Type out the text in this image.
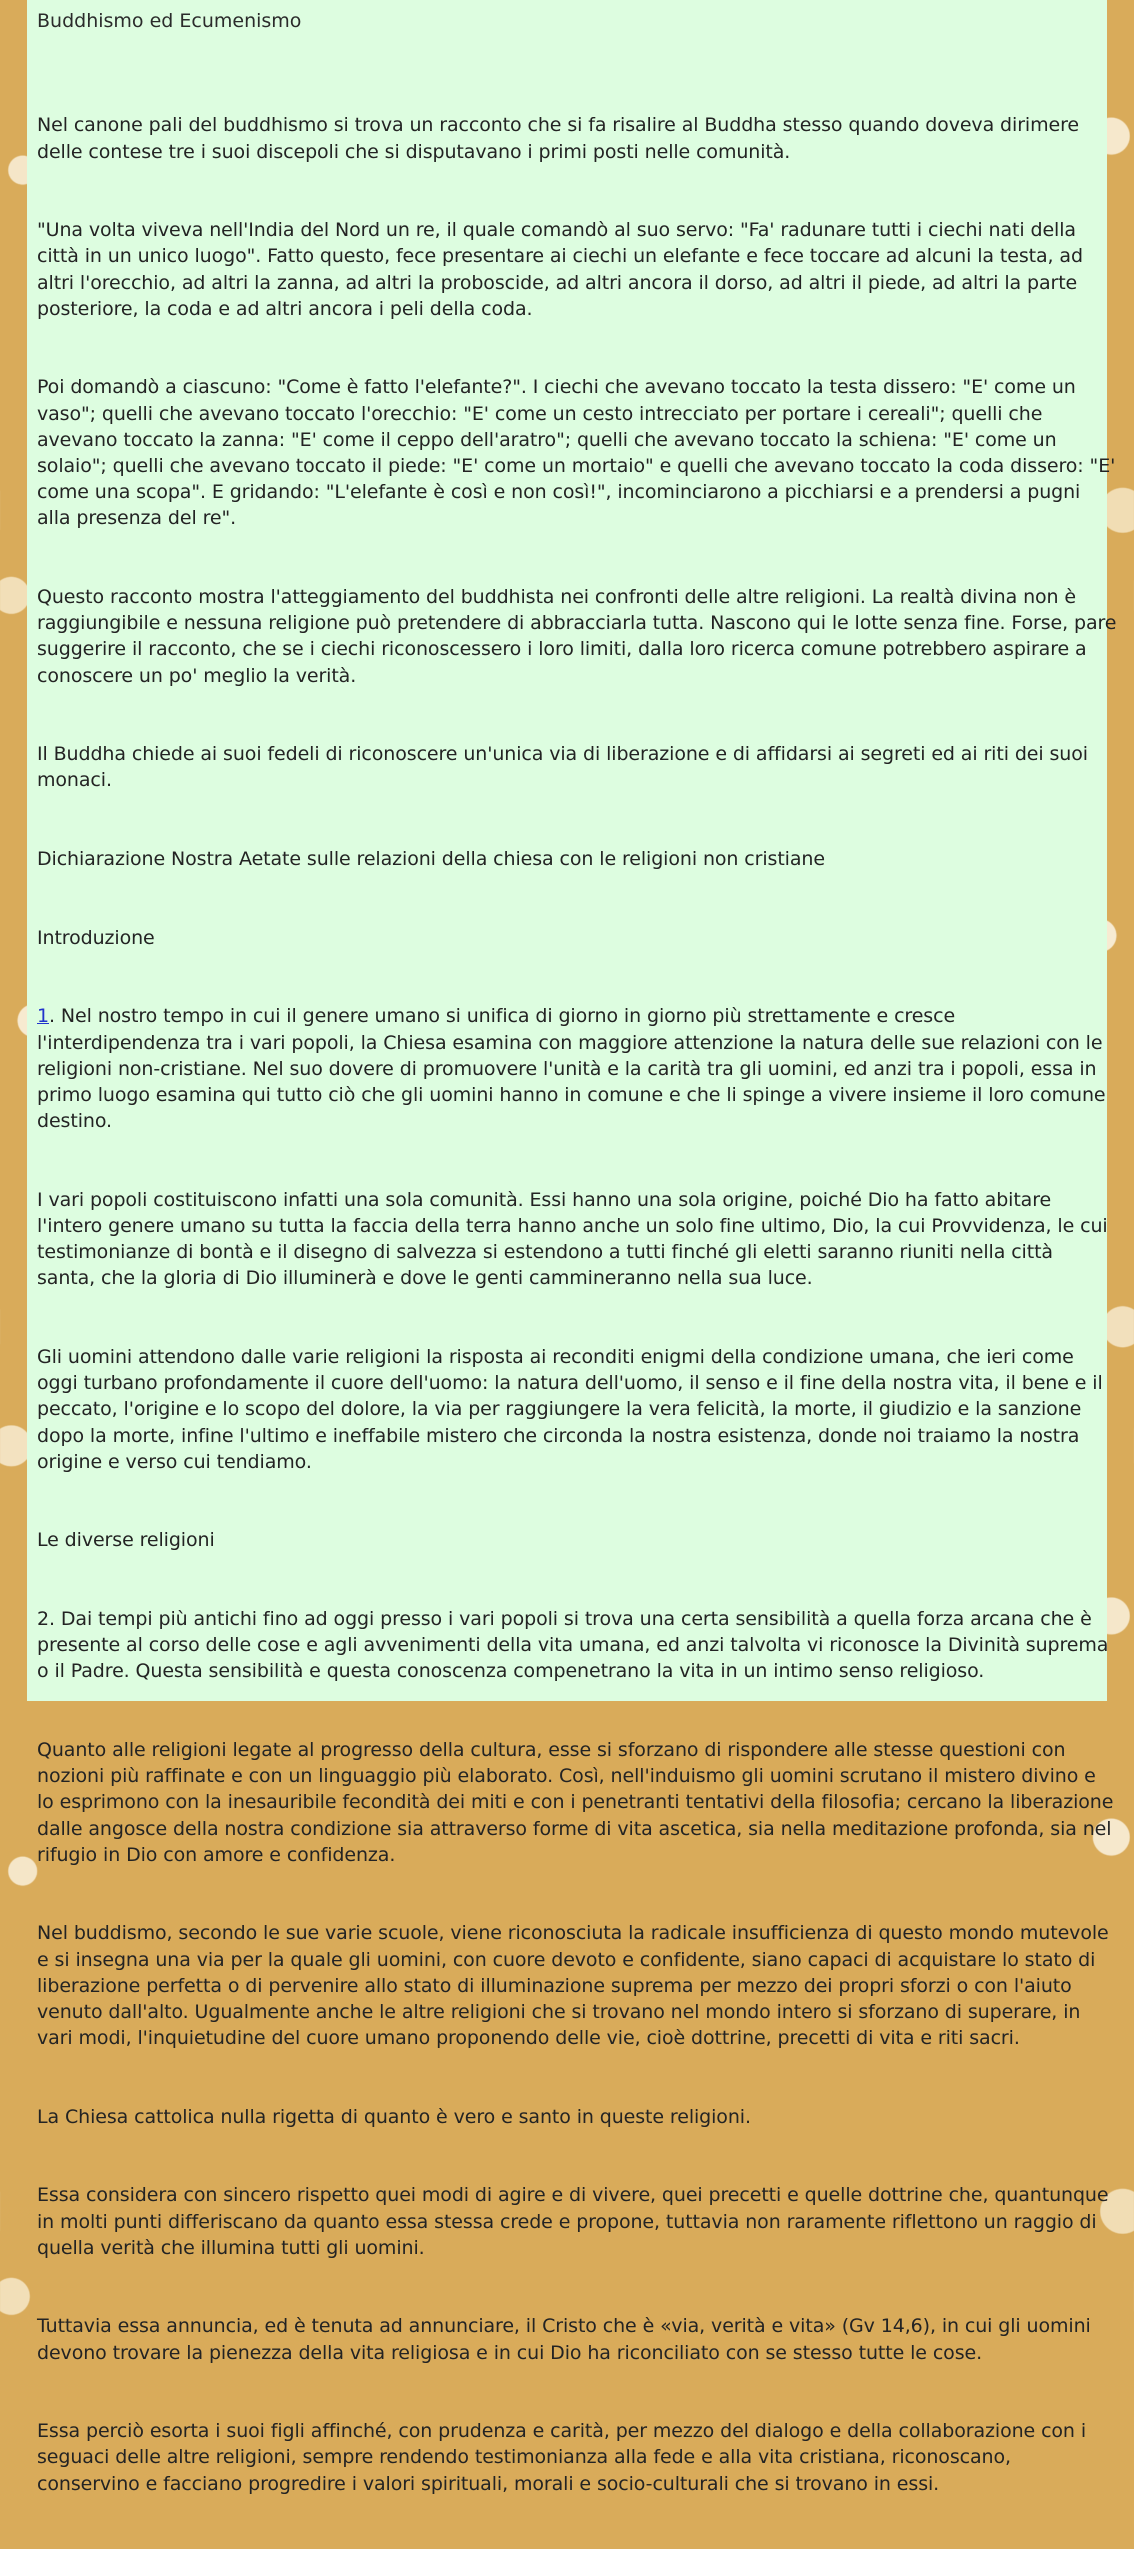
Buddhismo ed Ecumenismo

Nel canone pali del buddhismo si trova un racconto che si fa risalire al Buddha stesso quando doveva dirimere delle contese tre i suoi discepoli che si disputavano i primi posti nelle comunità.

"Una volta viveva nell'India del Nord un re, il quale comandò al suo servo: "Fa' radunare tutti i ciechi nati della città in un unico luogo". Fatto questo, fece presentare ai ciechi un elefante e fece toccare ad alcuni la testa, ad altri l'orecchio, ad altri la zanna, ad altri la proboscide, ad altri ancora il dorso, ad altri il piede, ad altri la parte posteriore, la coda e ad altri ancora i peli della coda.

Poi domandò a ciascuno: "Come è fatto l'elefante?". I ciechi che avevano toccato la testa dissero: "E' come un vaso"; quelli che avevano toccato l'orecchio: "E' come un cesto intrecciato per portare i cereali"; quelli che avevano toccato la zanna: "E' come il ceppo dell'aratro"; quelli che avevano toccato la schiena: "E' come un solaio"; quelli che avevano toccato il piede: "E' come un mortaio" e quelli che avevano toccato la coda dissero: "E' come una scopa". E gridando: "L'elefante è così e non così!", incominciarono a picchiarsi e a prendersi a pugni alla presenza del re".

Questo racconto mostra l'atteggiamento del buddhista nei confronti delle altre religioni. La realtà divina non è raggiungibile e nessuna religione può pretendere di abbracciarla tutta. Nascono qui le lotte senza fine. Forse, pare suggerire il racconto, che se i ciechi riconoscessero i loro limiti, dalla loro ricerca comune potrebbero aspirare a conoscere un po' meglio la verità.

Il Buddha chiede ai suoi fedeli di riconoscere un'unica via di liberazione e di affidarsi ai segreti ed ai riti dei suoi monaci.

Dichiarazione Nostra Aetate sulle relazioni della chiesa con le religioni non cristiane

Introduzione

1. Nel nostro tempo in cui il genere umano si unifica di giorno in giorno più strettamente e cresce l'interdipendenza tra i vari popoli, la Chiesa esamina con maggiore attenzione la natura delle sue relazioni con le religioni non-cristiane. Nel suo dovere di promuovere l'unità e la carità tra gli uomini, ed anzi tra i popoli, essa in primo luogo esamina qui tutto ciò che gli uomini hanno in comune e che li spinge a vivere insieme il loro comune destino.

I vari popoli costituiscono infatti una sola comunità. Essi hanno una sola origine, poiché Dio ha fatto abitare l'intero genere umano su tutta la faccia della terra hanno anche un solo fine ultimo, Dio, la cui Provvidenza, le cui testimonianze di bontà e il disegno di salvezza si estendono a tutti finché gli eletti saranno riuniti nella città santa, che la gloria di Dio illuminerà e dove le genti cammineranno nella sua luce.

Gli uomini attendono dalle varie religioni la risposta ai reconditi enigmi della condizione umana, che ieri come oggi turbano profondamente il cuore dell'uomo: la natura dell'uomo, il senso e il fine della nostra vita, il bene e il peccato, l'origine e lo scopo del dolore, la via per raggiungere la vera felicità, la morte, il giudizio e la sanzione dopo la morte, infine l'ultimo e ineffabile mistero che circonda la nostra esistenza, donde noi traiamo la nostra origine e verso cui tendiamo.

Le diverse religioni

2. Dai tempi più antichi fino ad oggi presso i vari popoli si trova una certa sensibilità a quella forza arcana che è presente al corso delle cose e agli avvenimenti della vita umana, ed anzi talvolta vi riconosce la Divinità suprema o il Padre. Questa sensibilità e questa conoscenza compenetrano la vita in un intimo senso religioso.

Quanto alle religioni legate al progresso della cultura, esse si sforzano di rispondere alle stesse questioni con nozioni più raffinate e con un linguaggio più elaborato. Così, nell'induismo gli uomini scrutano il mistero divino e lo esprimono con la inesauribile fecondità dei miti e con i penetranti tentativi della filosofia; cercano la liberazione dalle angosce della nostra condizione sia attraverso forme di vita ascetica, sia nella meditazione profonda, sia nel rifugio in Dio con amore e confidenza.

Nel buddismo, secondo le sue varie scuole, viene riconosciuta la radicale insufficienza di questo mondo mutevole e si insegna una via per la quale gli uomini, con cuore devoto e confidente, siano capaci di acquistare lo stato di liberazione perfetta o di pervenire allo stato di illuminazione suprema per mezzo dei propri sforzi o con l'aiuto venuto dall'alto. Ugualmente anche le altre religioni che si trovano nel mondo intero si sforzano di superare, in vari modi, l'inquietudine del cuore umano proponendo delle vie, cioè dottrine, precetti di vita e riti sacri.

La Chiesa cattolica nulla rigetta di quanto è vero e santo in queste religioni.

Essa considera con sincero rispetto quei modi di agire e di vivere, quei precetti e quelle dottrine che, quantunque in molti punti differiscano da quanto essa stessa crede e propone, tuttavia non raramente riflettono un raggio di quella verità che illumina tutti gli uomini.

Tuttavia essa annuncia, ed è tenuta ad annunciare, il Cristo che è «via, verità e vita» (Gv 14,6), in cui gli uomini devono trovare la pienezza della vita religiosa e in cui Dio ha riconciliato con se stesso tutte le cose.

Essa perciò esorta i suoi figli affinché, con prudenza e carità, per mezzo del dialogo e della collaborazione con i seguaci delle altre religioni, sempre rendendo testimonianza alla fede e alla vita cristiana, riconoscano, conservino e facciano progredire i valori spirituali, morali e socio-culturali che si trovano in essi.
